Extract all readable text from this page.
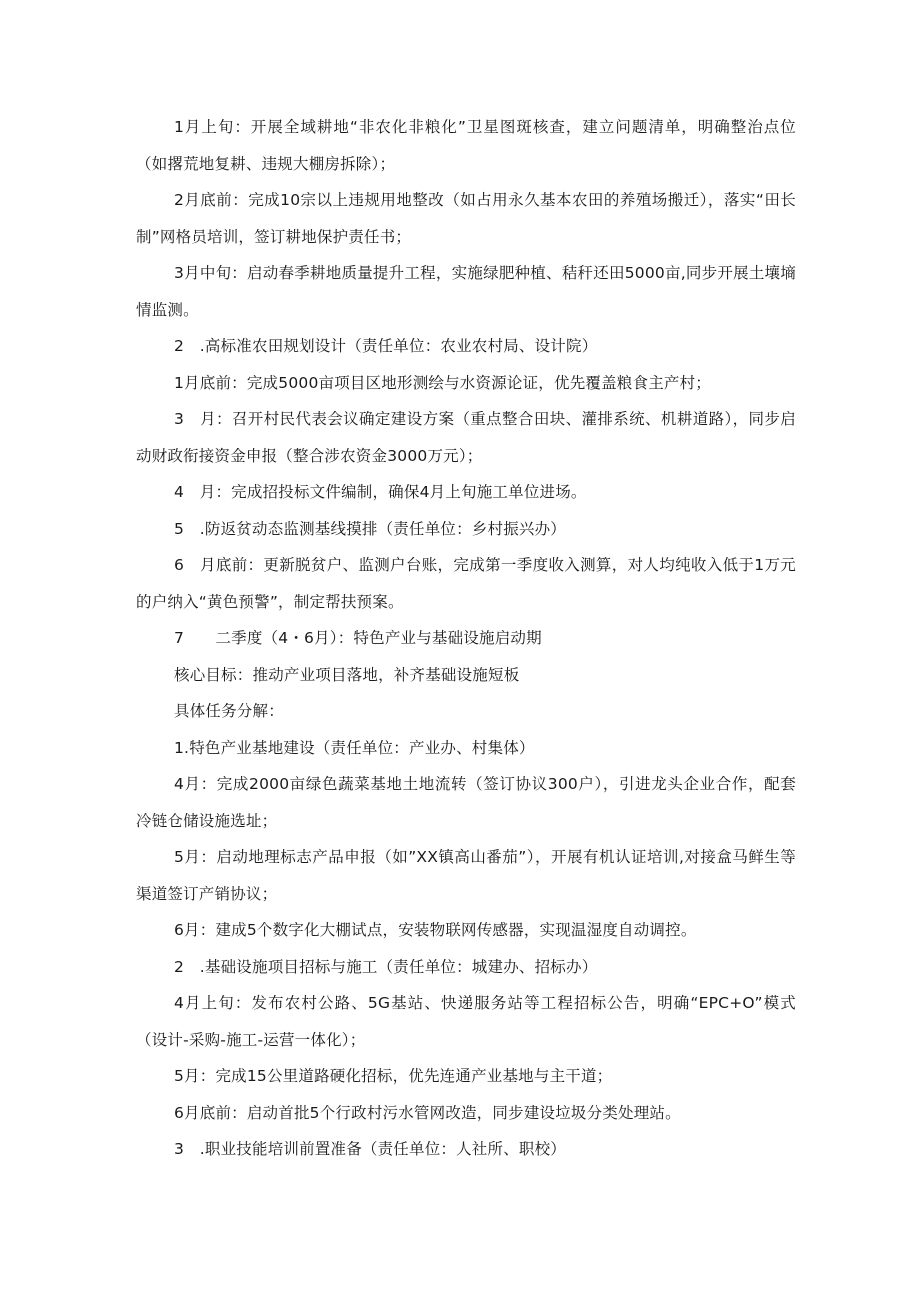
1月上旬：开展全域耕地“非农化非粮化”卫星图斑核查，建立问题清单，明确整治点位（如撂荒地复耕、违规大棚房拆除）；

2月底前：完成10宗以上违规用地整改（如占用永久基本农田的养殖场搬迁），落实“田长制”网格员培训，签订耕地保护责任书；

3月中旬：启动春季耕地质量提升工程，实施绿肥种植、秸秆还田5000亩,同步开展土壤墒情监测。

2　.高标准农田规划设计（责任单位：农业农村局、设计院）

1月底前：完成5000亩项目区地形测绘与水资源论证，优先覆盖粮食主产村；

3　月：召开村民代表会议确定建设方案（重点整合田块、灌排系统、机耕道路），同步启动财政衔接资金申报（整合涉农资金3000万元）；

4　月：完成招投标文件编制，确保4月上旬施工单位进场。

5　.防返贫动态监测基线摸排（责任单位：乡村振兴办）

6　月底前：更新脱贫户、监测户台账，完成第一季度收入测算，对人均纯收入低于1万元的户纳入“黄色预警”，制定帮扶预案。

7　　二季度（4・6月）：特色产业与基础设施启动期

核心目标：推动产业项目落地，补齐基础设施短板

具体任务分解：

1.特色产业基地建设（责任单位：产业办、村集体）

4月：完成2000亩绿色蔬菜基地土地流转（签订协议300户），引进龙头企业合作，配套冷链仓储设施选址；

5月：启动地理标志产品申报（如”XX镇高山番茄”），开展有机认证培训,对接盒马鲜生等渠道签订产销协议；

6月：建成5个数字化大棚试点，安装物联网传感器，实现温湿度自动调控。

2　.基础设施项目招标与施工（责任单位：城建办、招标办）

4月上旬：发布农村公路、5G基站、快递服务站等工程招标公告，明确“EPC+O”模式（设计-采购-施工-运营一体化）；

5月：完成15公里道路硬化招标，优先连通产业基地与主干道；

6月底前：启动首批5个行政村污水管网改造，同步建设垃圾分类处理站。

3　.职业技能培训前置准备（责任单位：人社所、职校）
